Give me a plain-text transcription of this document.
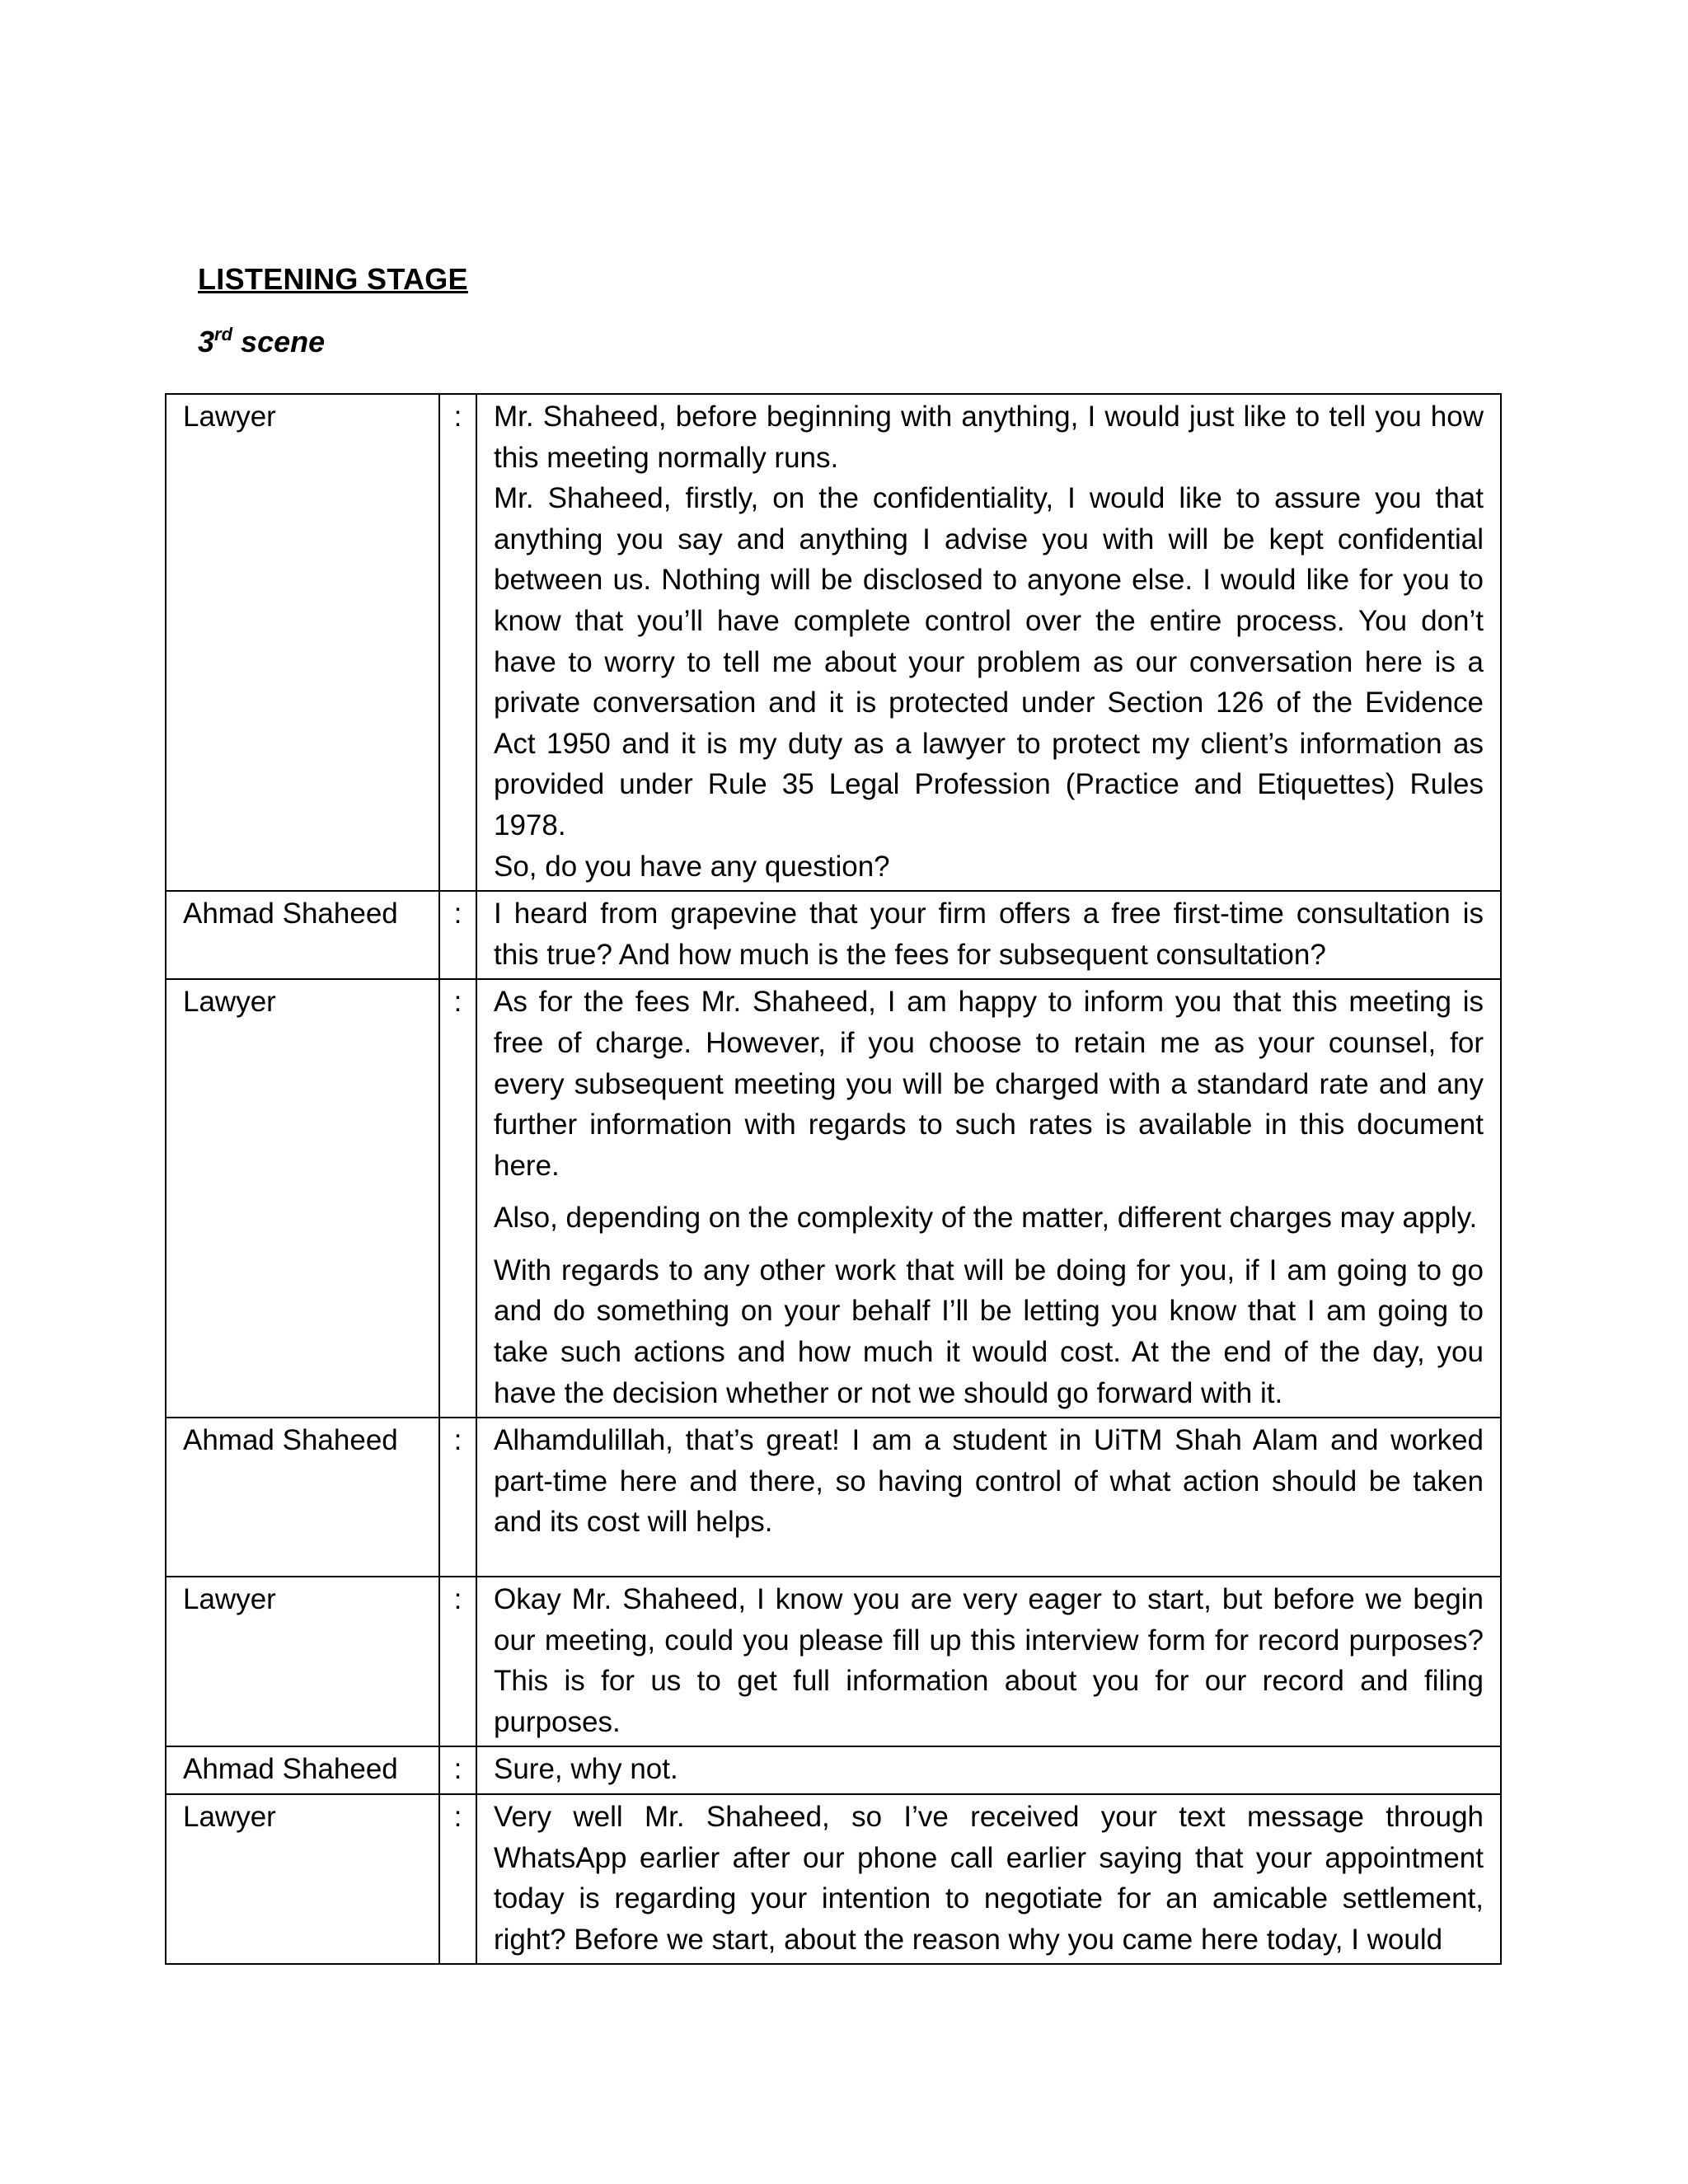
LISTENING STAGE
3rd scene
Lawyer	:	Mr. Shaheed, before beginning with anything, I would just like to tell you how this meeting normally runs.

Mr. Shaheed, firstly, on the confidentiality, I would like to assure you that anything you say and anything I advise you with will be kept confidential between us. Nothing will be disclosed to anyone else. I would like for you to know that you’ll have complete control over the entire process. You don’t have to worry to tell me about your problem as our conversation here is a private conversation and it is protected under Section 126 of the Evidence Act 1950 and it is my duty as a lawyer to protect my client’s information as provided under Rule 35 Legal Profession (Practice and Etiquettes) Rules 1978.

So, do you have any question?

Ahmad Shaheed	:	I heard from grapevine that your firm offers a free first-time consultation is this true? And how much is the fees for subsequent consultation?

Lawyer	:	As for the fees Mr. Shaheed, I am happy to inform you that this meeting is free of charge. However, if you choose to retain me as your counsel, for every subsequent meeting you will be charged with a standard rate and any further information with regards to such rates is available in this document here.

Also, depending on the complexity of the matter, different charges may apply.

With regards to any other work that will be doing for you, if I am going to go and do something on your behalf I’ll be letting you know that I am going to take such actions and how much it would cost. At the end of the day, you have the decision whether or not we should go forward with it.

Ahmad Shaheed	:	Alhamdulillah, that’s great! I am a student in UiTM Shah Alam and worked part-time here and there, so having control of what action should be taken and its cost will helps.

Lawyer	:	Okay Mr. Shaheed, I know you are very eager to start, but before we begin our meeting, could you please fill up this interview form for record purposes? This is for us to get full information about you for our record and filing purposes.

Ahmad Shaheed	:	Sure, why not.

Lawyer	:	Very well Mr. Shaheed, so I’ve received your text message through WhatsApp earlier after our phone call earlier saying that your appointment today is regarding your intention to negotiate for an amicable settlement, right? Before we start, about the reason why you came here today, I would
